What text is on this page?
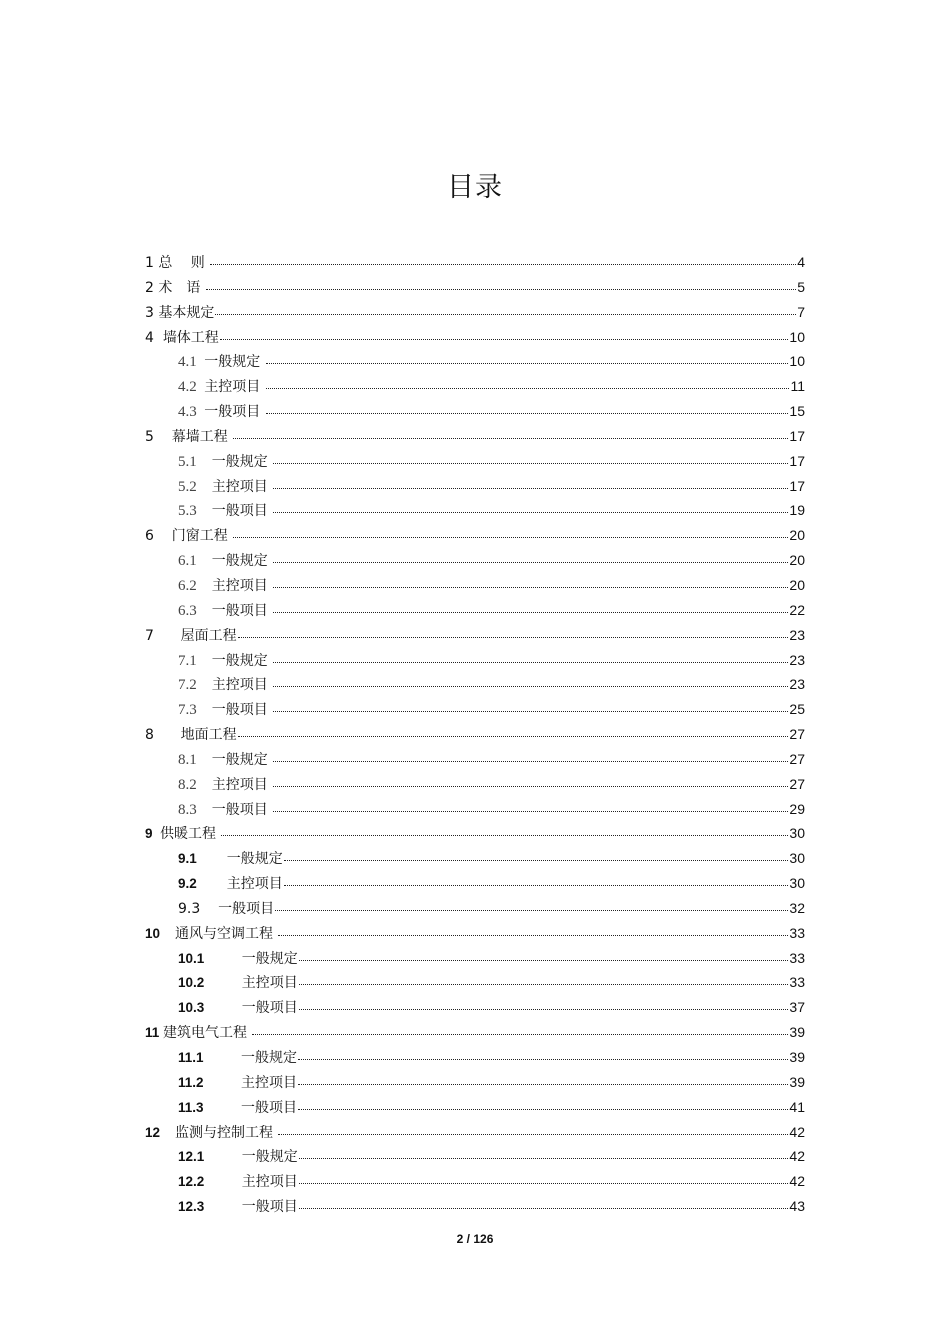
目录
1 总　 则	4
2 术　语	5
3 基本规定	7
4 墙体工程	10
4.1 一般规定	10
4.2 主控项目	11
4.3 一般项目	15
5 幕墙工程	17
5.1 一般规定	17
5.2 主控项目	17
5.3 一般项目	19
6 门窗工程	20
6.1 一般规定	20
6.2 主控项目	20
6.3 一般项目	22
7 屋面工程	23
7.1 一般规定	23
7.2 主控项目	23
7.3 一般项目	25
8 地面工程	27
8.1 一般规定	27
8.2 主控项目	27
8.3 一般项目	29
9 供暖工程	30
9.1 一般规定	30
9.2 主控项目	30
9.3 一般项目	32
10 通风与空调工程	33
10.1 一般规定	33
10.2 主控项目	33
10.3 一般项目	37
11 建筑电气工程	39
11.1 一般规定	39
11.2 主控项目	39
11.3 一般项目	41
12 监测与控制工程	42
12.1 一般规定	42
12.2 主控项目	42
12.3 一般项目	43
2 / 126
